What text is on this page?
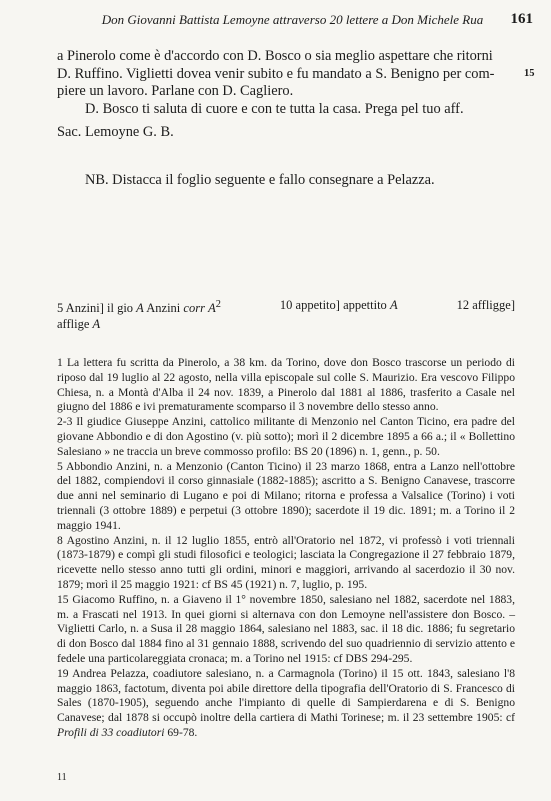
Don Giovanni Battista Lemoyne attraverso 20 lettere a Don Michele Rua 161

a Pinerolo come è d'accordo con D. Bosco o sia meglio aspettare che ritorni

D. Ruffino. Viglietti dovea venir subito e fu mandato a S. Benigno per com-

piere un lavoro. Parlane con D. Cagliero.

D. Bosco ti saluta di cuore e con te tutta la casa. Prega pel tuo aff.

Sac. Lemoyne G. B.

15

NB. Distacca il foglio seguente e fallo consegnare a Pelazza.

5 Anzini] il gio A Anzini corr $A^2$	10 appetito] appettito A	12 affligge]
afflige A

1 La lettera fu scritta da Pinerolo, a 38 km. da Torino, dove don Bosco trascorse un periodo di riposo dal 19 luglio al 22 agosto, nella villa episcopale sul colle S. Maurizio. Era vescovo Filippo Chiesa, n. a Montà d'Alba il 24 nov. 1839, a Pinerolo dal 1881 al 1886, trasferito a Casale nel giugno del 1886 e ivi prematuramente scomparso il 3 novembre dello stesso anno.

2-3 Il giudice Giuseppe Anzini, cattolico militante di Menzonio nel Canton Ticino, era padre del giovane Abbondio e di don Agostino (v. più sotto); morì il 2 dicembre 1895 a 66 a.; il « Bollettino Salesiano » ne traccia un breve commosso profilo: BS 20 (1896) n. 1, genn., p. 50.

5 Abbondio Anzini, n. a Menzonio (Canton Ticino) il 23 marzo 1868, entra a Lanzo nell'ottobre del 1882, compiendovi il corso ginnasiale (1882-1885); ascritto a S. Benigno Canavese, trascorre due anni nel seminario di Lugano e poi di Milano; ritorna e professa a Valsalice (Torino) i voti triennali (3 ottobre 1889) e perpetui (3 ottobre 1890); sacerdote il 19 dic. 1891; m. a Torino il 2 maggio 1941.

8 Agostino Anzini, n. il 12 luglio 1855, entrò all'Oratorio nel 1872, vi professò i voti triennali (1873-1879) e compì gli studi filosofici e teologici; lasciata la Congregazione il 27 febbraio 1879, ricevette nello stesso anno tutti gli ordini, minori e maggiori, arrivando al sacerdozio il 30 nov. 1879; morì il 25 maggio 1921: cf BS 45 (1921) n. 7, luglio, p. 195.

15 Giacomo Ruffino, n. a Giaveno il 1° novembre 1850, salesiano nel 1882, sacerdote nel 1883, m. a Frascati nel 1913. In quei giorni si alternava con don Lemoyne nell'assistere don Bosco. – Viglietti Carlo, n. a Susa il 28 maggio 1864, salesiano nel 1883, sac. il 18 dic. 1886; fu segretario di don Bosco dal 1884 fino al 31 gennaio 1888, scrivendo del suo quadriennio di servizio attento e fedele una particolareggiata cronaca; m. a Torino nel 1915: cf DBS 294-295.

19 Andrea Pelazza, coadiutore salesiano, n. a Carmagnola (Torino) il 15 ott. 1843, salesiano l'8 maggio 1863, factotum, diventa poi abile direttore della tipografia dell'Oratorio di S. Francesco di Sales (1870-1905), seguendo anche l'impianto di quelle di Sampierdarena e di S. Benigno Canavese; dal 1878 si occupò inoltre della cartiera di Mathi Torinese; m. il 23 settembre 1905: cf Profili di 33 coadiutori 69-78.

11
